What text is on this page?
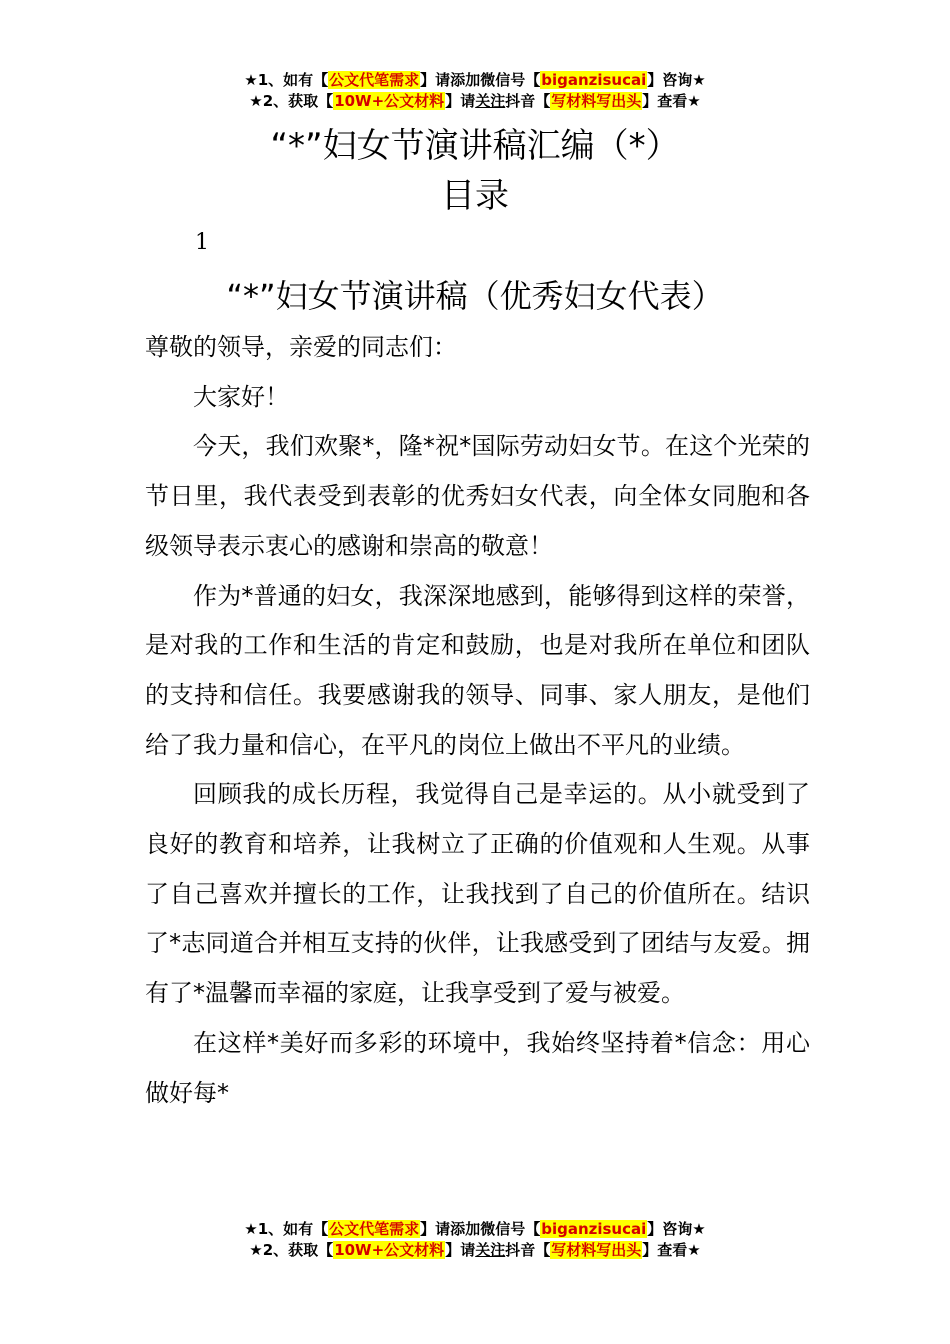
★1、如有【公文代笔需求】请添加微信号【biganzisucai】咨询★
★2、获取【10W+公文材料】请关注抖音【写材料写出头】查看★
“*”妇女节演讲稿汇编（*）
目录
1
“*”妇女节演讲稿（优秀妇女代表）

尊敬的领导，亲爱的同志们：

大家好！

今天，我们欢聚*，隆*祝*国际劳动妇女节。在这个光荣的节日里，我代表受到表彰的优秀妇女代表，向全体女同胞和各级领导表示衷心的感谢和崇高的敬意！

作为*普通的妇女，我深深地感到，能够得到这样的荣誉，是对我的工作和生活的肯定和鼓励，也是对我所在单位和团队的支持和信任。我要感谢我的领导、同事、家人朋友，是他们给了我力量和信心，在平凡的岗位上做出不平凡的业绩。

回顾我的成长历程，我觉得自己是幸运的。从小就受到了良好的教育和培养，让我树立了正确的价值观和人生观。从事了自己喜欢并擅长的工作，让我找到了自己的价值所在。结识了*志同道合并相互支持的伙伴，让我感受到了团结与友爱。拥有了*温馨而幸福的家庭，让我享受到了爱与被爱。

在这样*美好而多彩的环境中，我始终坚持着*信念：用心做好每*

★1、如有【公文代笔需求】请添加微信号【biganzisucai】咨询★
★2、获取【10W+公文材料】请关注抖音【写材料写出头】查看★
